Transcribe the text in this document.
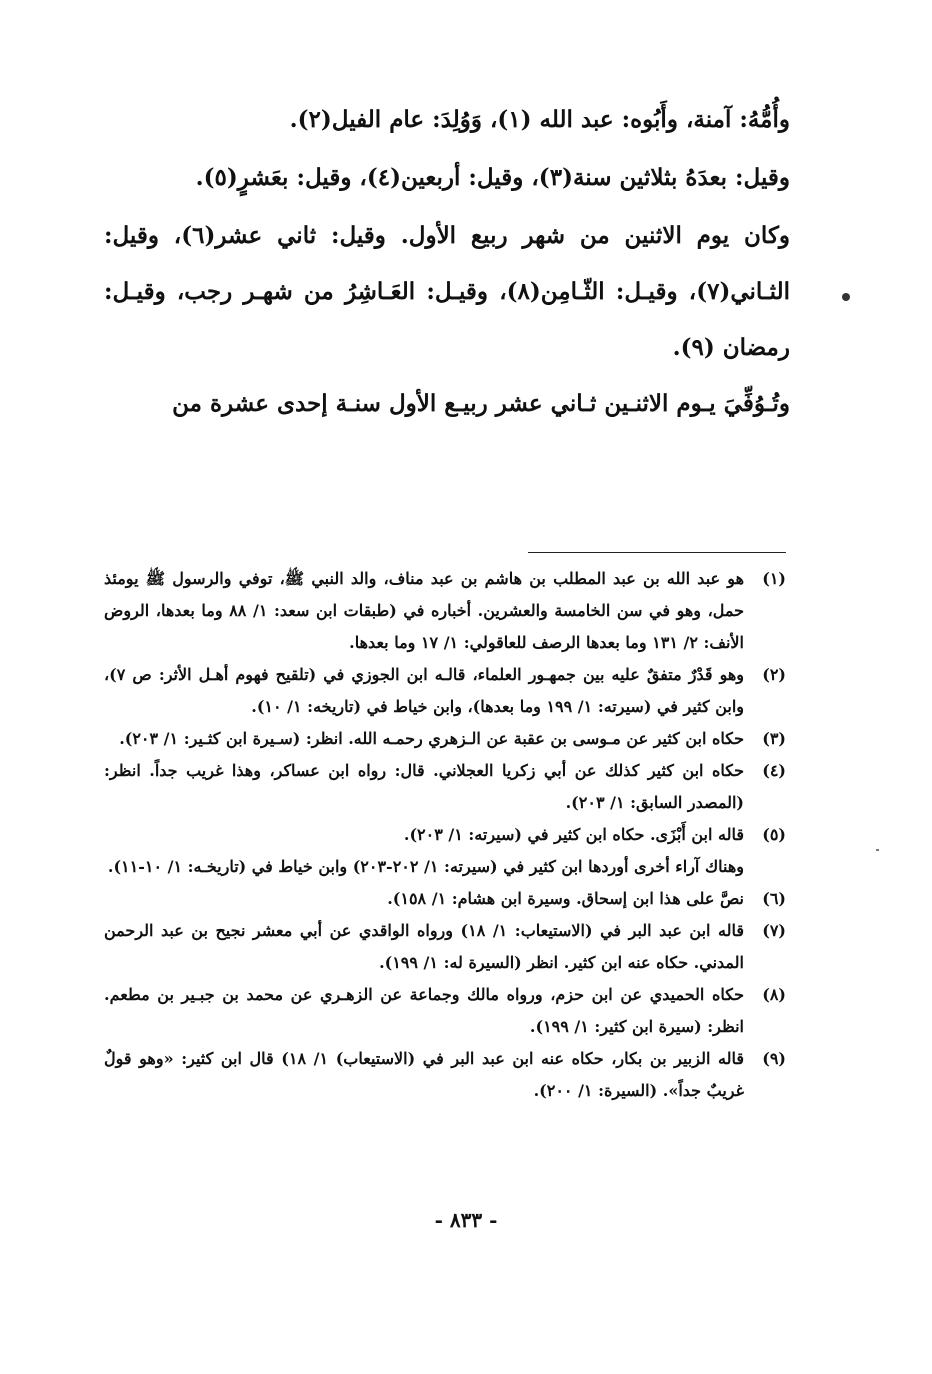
وأُمُّهُ: آمنة، وأَبُوه: عبد الله (١)، وَوُلِدَ: عام الفيل(٢).

وقيل: بعدَهُ بثلاثين سنة(٣)، وقيل: أربعين(٤)، وقيل: بعَشرٍ(٥).

وكان يوم الاثنين من شهر ربيع الأول. وقيل: ثاني عشر(٦)، وقيل: الثـاني(٧)، وقيـل: الثّـامِن(٨)، وقيـل: العَـاشِرُ من شهـر رجب، وقيـل: رمضان (٩).

وتُـوُفِّيَ يـوم الاثنـين ثـاني عشر ربيـع الأول سنـة إحدى عشرة من

(١)
هو عبد الله بن عبد المطلب بن هاشم بن عبد مناف، والد النبي ﷺ، توفي والرسول ﷺ يومئذ حمل، وهو في سن الخامسة والعشرين. أخباره في (طبقات ابن سعد: ١/ ٨٨ وما بعدها، الروض الأنف: ٢/ ١٣١ وما بعدها الرصف للعاقولي: ١/ ١٧ وما بعدها.
(٢)
وهو قَدْرٌ متفقٌ عليه بين جمهـور العلماء، قالـه ابن الجوزي في (تلقيح فهوم أهـل الأثر: ص ٧)، وابن كثير في (سيرته: ١/ ١٩٩ وما بعدها)، وابن خياط في (تاريخه: ١/ ١٠).
(٣)
حكاه ابن كثير عن مـوسى بن عقبة عن الـزهري رحمـه الله. انظر: (سـيرة ابن كثـير: ١/ ٢٠٣).
(٤)
حكاه ابن كثير كذلك عن أبي زكريا العجلاني. قال: رواه ابن عساكر، وهذا غريب جداً. انظر: (المصدر السابق: ١/ ٢٠٣).
(٥)
قاله ابن أَبْزَى. حكاه ابن كثير في (سيرته: ١/ ٢٠٣).
وهناك آراء أخرى أوردها ابن كثير في (سيرته: ١/ ٢٠٢-٢٠٣) وابن خياط في (تاريخـه: ١/ ١٠-١١).
(٦)
نصَّ على هذا ابن إسحاق. وسيرة ابن هشام: ١/ ١٥٨).
(٧)
قاله ابن عبد البر في (الاستيعاب: ١/ ١٨) ورواه الواقدي عن أبي معشر نجيح بن عبد الرحمن المدني. حكاه عنه ابن كثير. انظر (السيرة له: ١/ ١٩٩).
(٨)
حكاه الحميدي عن ابن حزم، ورواه مالك وجماعة عن الزهـري عن محمد بن جبـير بن مطعم. انظر: (سيرة ابن كثير: ١/ ١٩٩).
(٩)
قاله الزبير بن بكار، حكاه عنه ابن عبد البر في (الاستيعاب) ١/ ١٨) قال ابن كثير: «وهو قولٌ غريبٌ جداً». (السيرة: ١/ ٢٠٠).
- ٨٣٣ -
